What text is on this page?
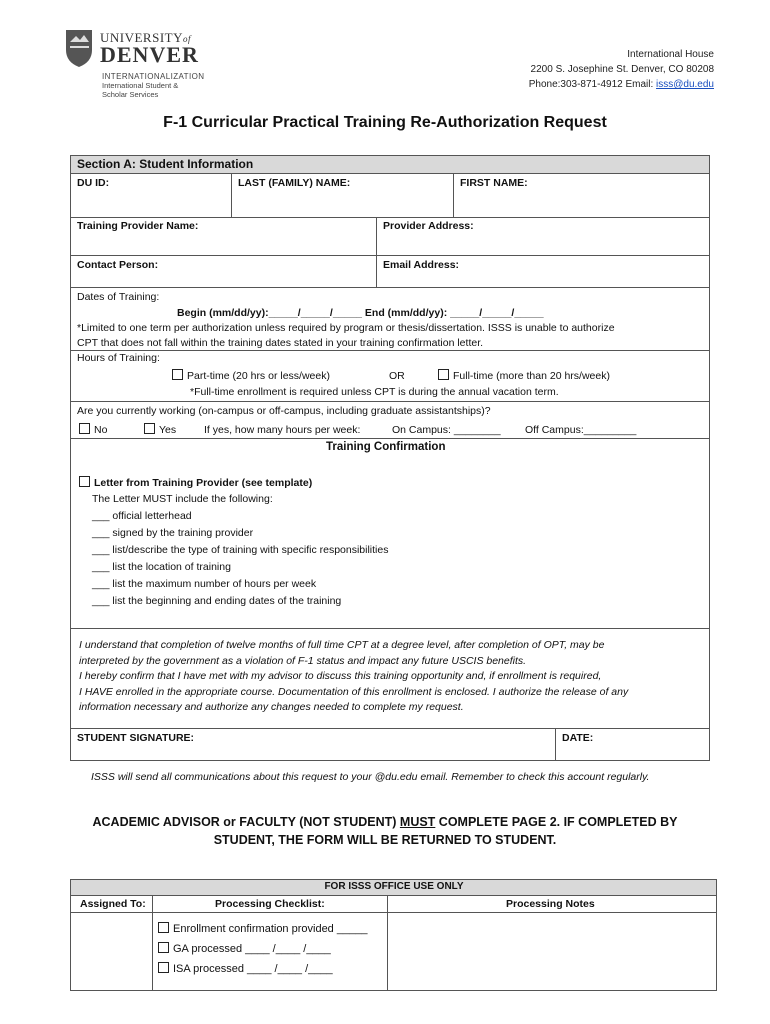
UNIVERSITYof
DENVER
INTERNATIONALIZATION
International Student &
Scholar Services
International House
2200 S. Josephine St. Denver, CO 80208
Phone:303-871-4912 Email: isss@du.edu
F-1 Curricular Practical Training Re-Authorization Request
Section A: Student Information
DU ID:	LAST (FAMILY) NAME:	FIRST NAME:
Training Provider Name:	Provider Address:
Contact Person:	Email Address:
Dates of Training:
Begin (mm/dd/yy):_____/_____/_____ End (mm/dd/yy): _____/_____/_____
*Limited to one term per authorization unless required by program or thesis/dissertation. ISSS is unable to authorize
CPT that does not fall within the training dates stated in your training confirmation letter.
Hours of Training:
Part-time (20 hrs or less/week)	OR	Full-time (more than 20 hrs/week)
*Full-time enrollment is required unless CPT is during the annual vacation term.
Are you currently working (on-campus or off-campus, including graduate assistantships)?
No	Yes	If yes, how many hours per week:	On Campus: ________ Off Campus:_________
Training Confirmation
Letter from Training Provider (see template)
The Letter MUST include the following:
___ official letterhead
___ signed by the training provider
___ list/describe the type of training with specific responsibilities
___ list the location of training
___ list the maximum number of hours per week
___ list the beginning and ending dates of the training
I understand that completion of twelve months of full time CPT at a degree level, after completion of OPT, may be
interpreted by the government as a violation of F-1 status and impact any future USCIS benefits.
I hereby confirm that I have met with my advisor to discuss this training opportunity and, if enrollment is required,
I HAVE enrolled in the appropriate course. Documentation of this enrollment is enclosed. I authorize the release of any
information necessary and authorize any changes needed to complete my request.
STUDENT SIGNATURE:	DATE:
ISSS will send all communications about this request to your @du.edu email. Remember to check this account regularly.
ACADEMIC ADVISOR or FACULTY (NOT STUDENT) MUST COMPLETE PAGE 2. IF COMPLETED BY
STUDENT, THE FORM WILL BE RETURNED TO STUDENT.
FOR ISSS OFFICE USE ONLY
Assigned To:	Processing Checklist:	Processing Notes
Enrollment confirmation provided _____
GA processed ____ /____ /____
ISA processed ____ /____ /____
